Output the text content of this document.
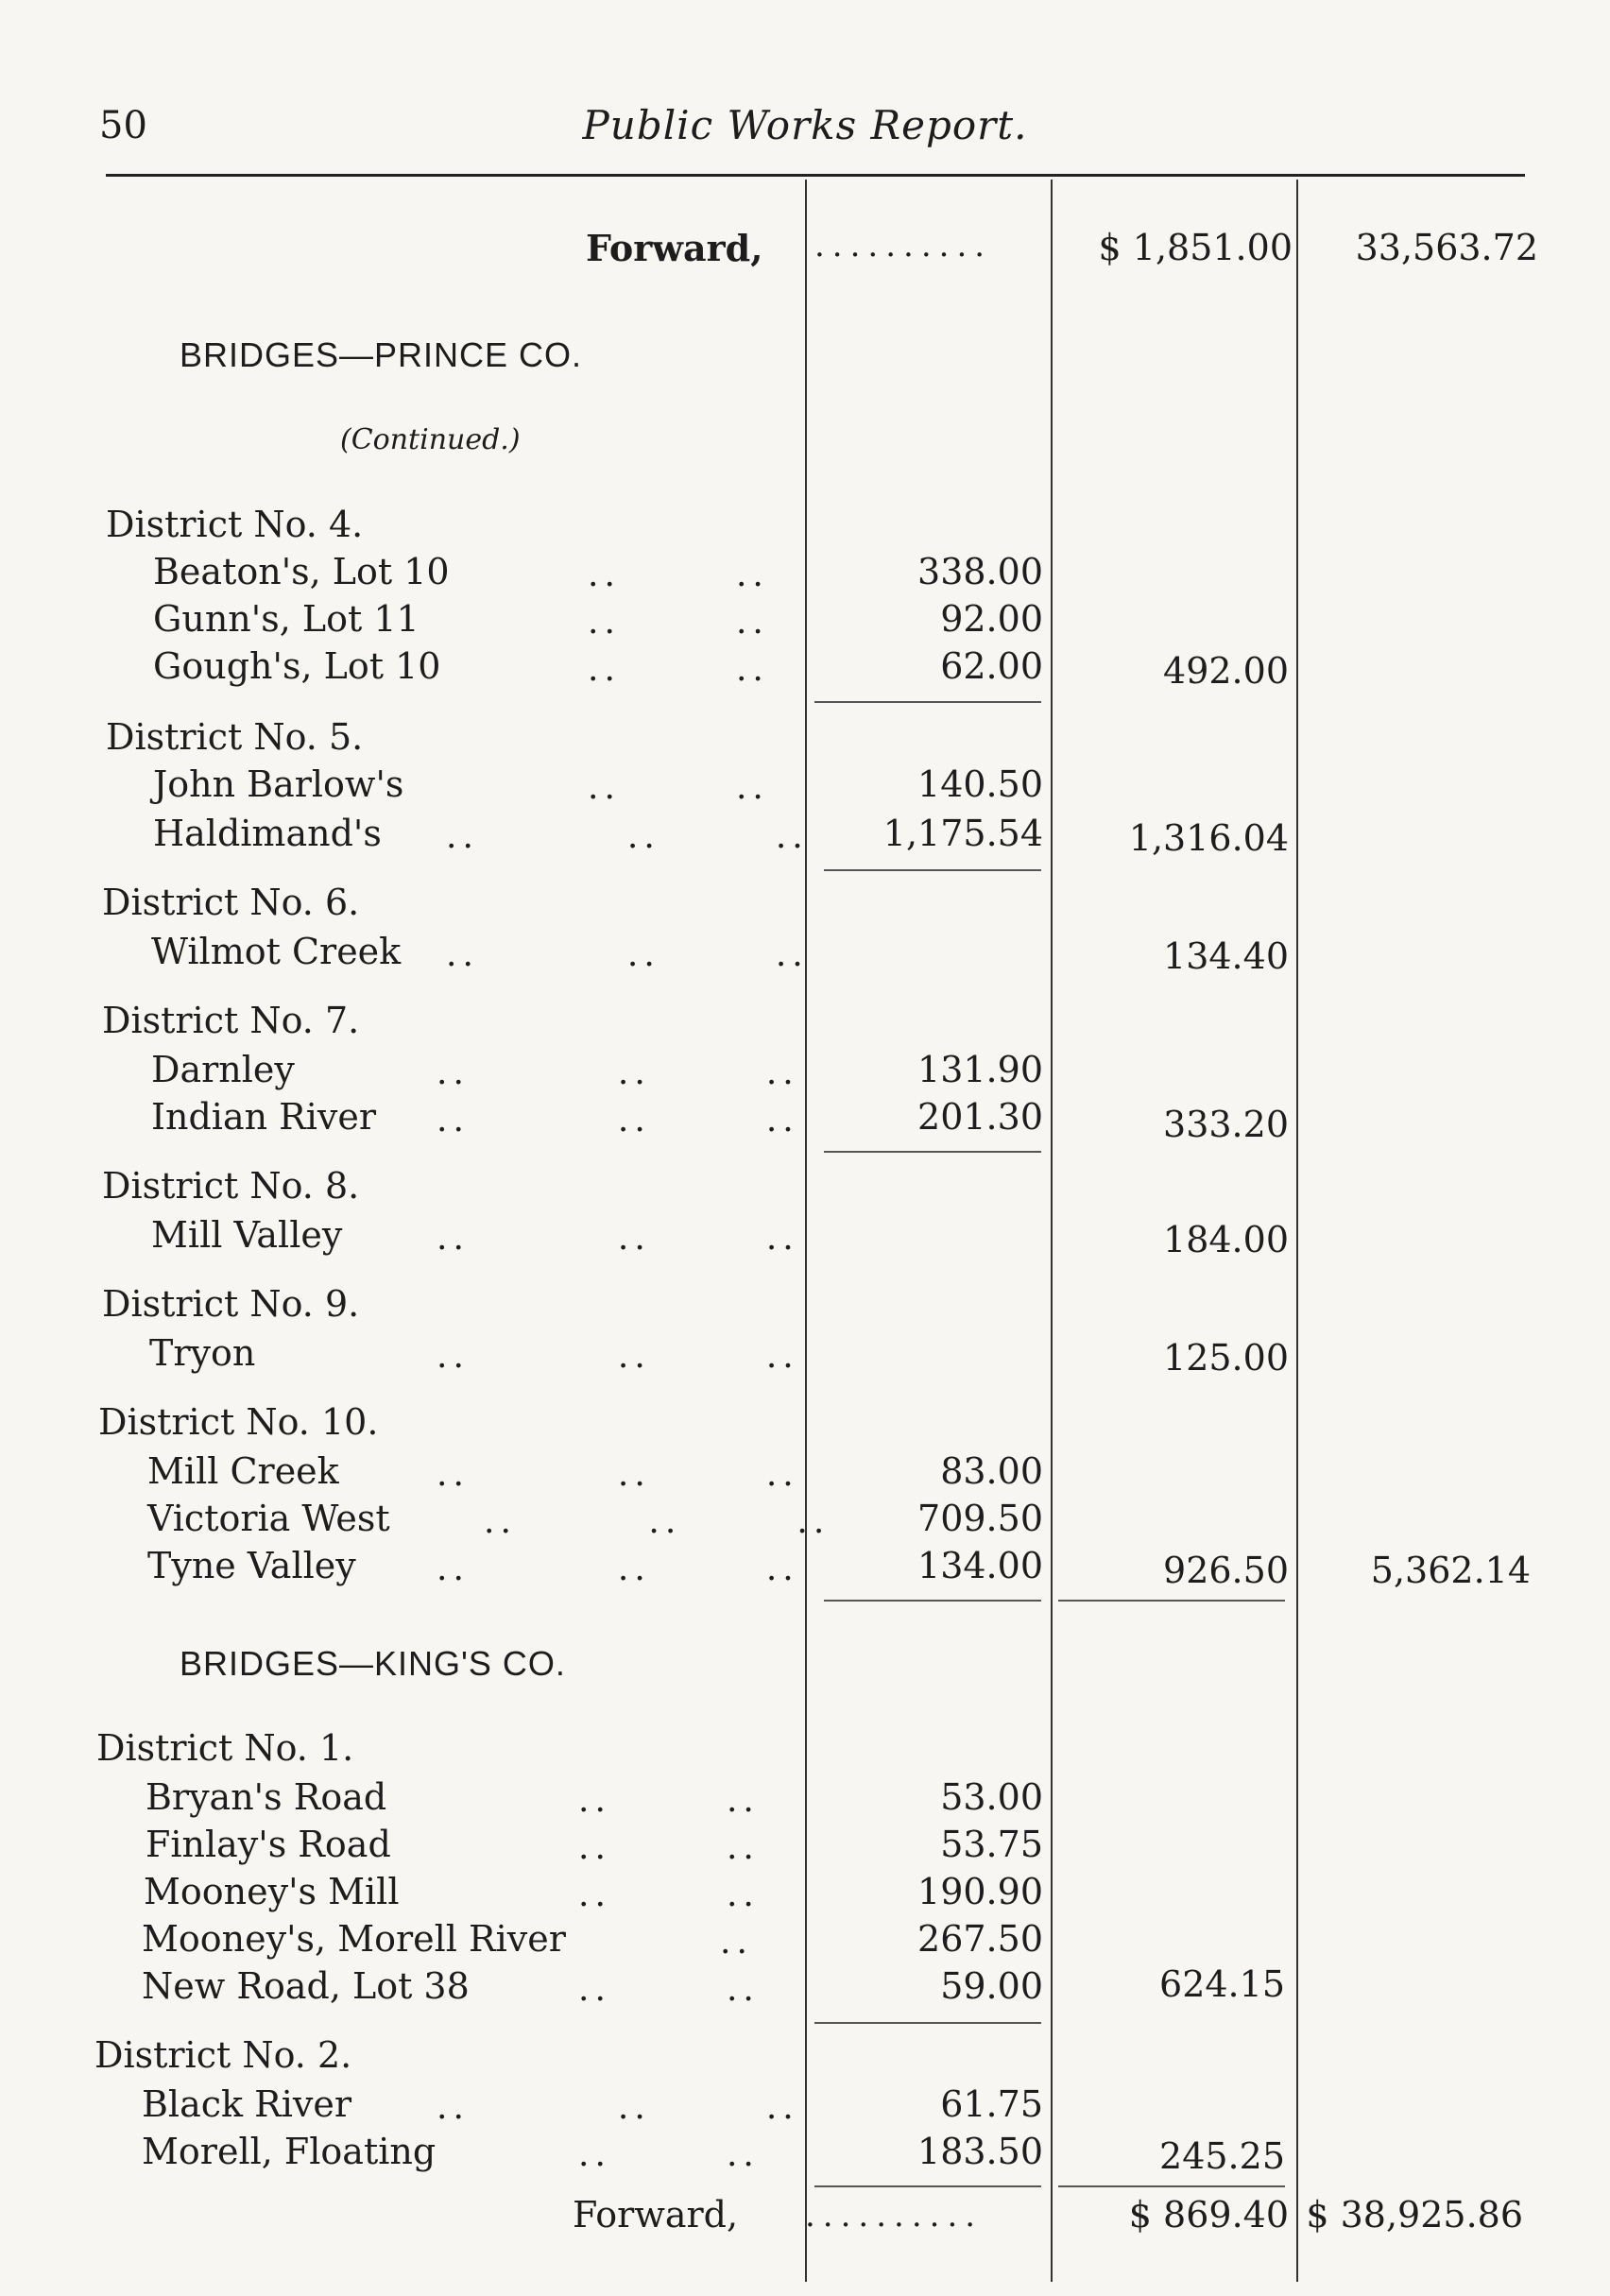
50	Public Works Report.
Forward, ..........	$ 1,851.00 33,563.72
BRIDGES—PRINCE CO.
(Continued.)
District No. 4.
Beaton's, Lot 10	..       ..	338.00
Gunn's, Lot 11	..       ..	92.00
Gough's, Lot 10	..       ..	62.00	492.00
District No. 5.
John Barlow's	..       ..	140.50
Haldimand's ..         ..       .. 1,175.54 1,316.04
District No. 6.
Wilmot Creek ..         ..       ..	134.40
District No. 7.
Darnley	..         ..       ..	131.90
Indian River ..         ..       ..	201.30	333.20
District No. 8.
Mill Valley	..         ..       ..	184.00
District No. 9.
Tryon	..         ..       ..	125.00
District No. 10.
Mill Creek	..         ..       ..	83.00
Victoria West	..        ..       .. 709.50
Tyne Valley ..         ..       ..	134.00	926.50 5,362.14
BRIDGES—KING'S CO.
District No. 1.
Bryan's Road	..       ..	53.00
Finlay's Road	..       ..	53.75
Mooney's Mill	..       ..	190.90
Mooney's, Morell River	..	267.50
New Road, Lot 38	..       ..	59.00	624.15
District No. 2.
Black River ..         ..       ..	61.75
Morell, Floating	..       ..	183.50	245.25
Forward, ..........	$ 869.40 $ 38,925.86
